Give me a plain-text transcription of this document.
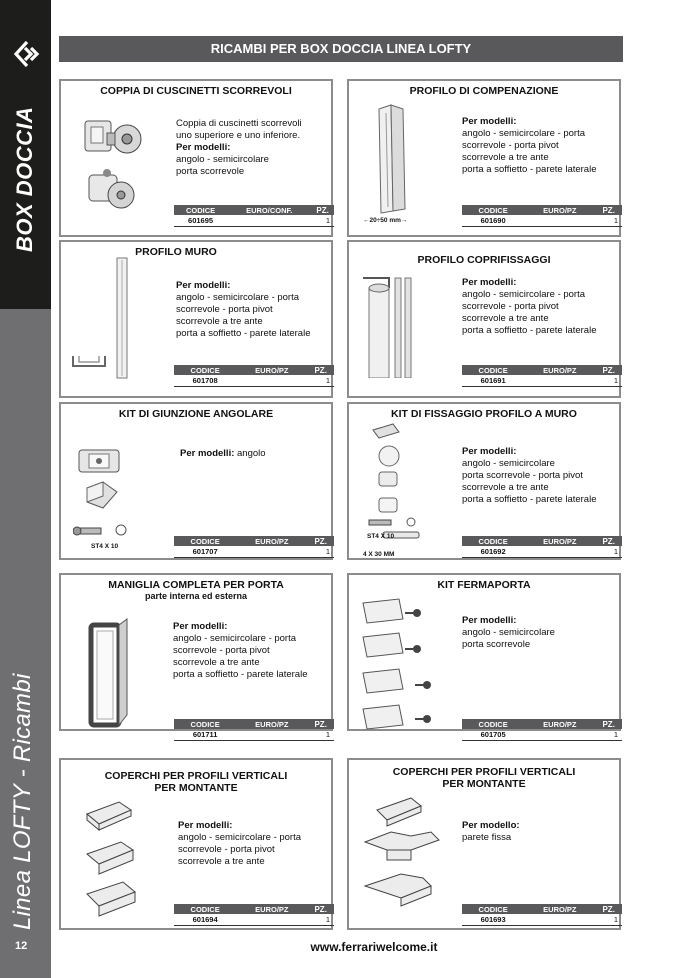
BOX DOCCIA
Linea LOFTY - Ricambi
12
RICAMBI PER BOX DOCCIA LINEA LOFTY
COPPIA DI CUSCINETTI SCORREVOLI
Coppia di cuscinetti scorrevoli
uno superiore e uno inferiore.
Per modelli:
angolo - semicircolare
porta scorrevole
CODICE	EURO/CONF.	PZ.
601695		1
PROFILO DI COMPENAZIONE
←20÷50 mm→
Per modelli:
angolo - semicircolare - porta
scorrevole - porta pivot
scorrevole a tre ante
porta a soffietto - parete laterale
CODICE	EURO/PZ	PZ.
601690		1
PROFILO MURO
Per modelli:
angolo - semicircolare - porta
scorrevole - porta pivot
scorrevole a tre ante
porta a soffietto - parete laterale
CODICE	EURO/PZ	PZ.
601708		1
PROFILO COPRIFISSAGGI
Per modelli:
angolo - semicircolare - porta
scorrevole - porta pivot
scorrevole a tre ante
porta a soffietto - parete laterale
CODICE	EURO/PZ	PZ.
601691		1
KIT DI GIUNZIONE ANGOLARE
ST4 X 10
Per modelli: angolo
CODICE	EURO/PZ	PZ.
601707		1
KIT DI FISSAGGIO PROFILO A MURO
ST4 X 10
4 X 30 MM
Per modelli:
angolo - semicircolare
porta scorrevole - porta pivot
scorrevole a tre ante
porta a soffietto - parete laterale
CODICE	EURO/PZ	PZ.
601692		1
MANIGLIA COMPLETA PER PORTA
parte interna ed esterna
Per modelli:
angolo - semicircolare - porta
scorrevole - porta pivot
scorrevole a tre ante
porta a soffietto - parete laterale
CODICE	EURO/PZ	PZ.
601711		1
KIT FERMAPORTA
Per modelli:
angolo - semicircolare
porta scorrevole
CODICE	EURO/PZ	PZ.
601705		1
COPERCHI PER PROFILI VERTICALI
PER MONTANTE
Per modelli:
angolo - semicircolare - porta
scorrevole - porta pivot
scorrevole a tre ante
CODICE	EURO/PZ	PZ.
601694		1
COPERCHI PER PROFILI VERTICALI
PER MONTANTE
Per modello:
parete fissa
CODICE	EURO/PZ	PZ.
601693		1
www.ferrariwelcome.it
